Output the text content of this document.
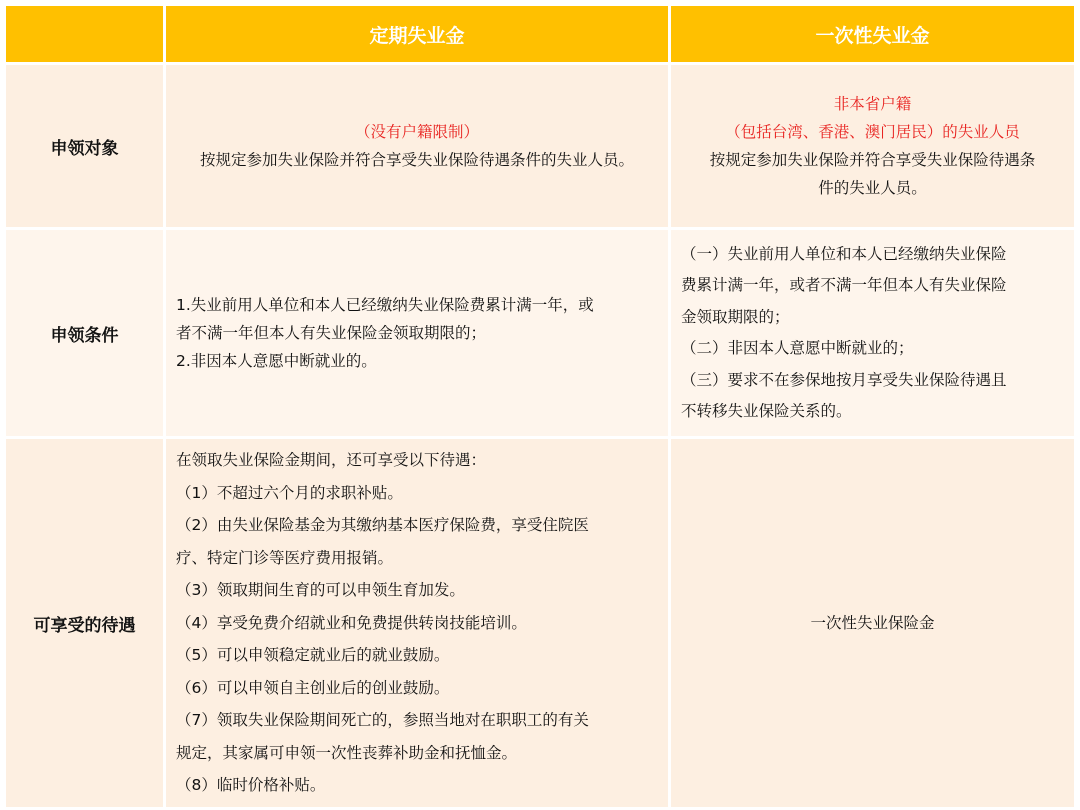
定期失业金	一次性失业金
申领对象

（没有户籍限制）

按规定参加失业保险并符合享受失业保险待遇条件的失业人员。

非本省户籍

（包括台湾、香港、澳门居民）的失业人员

按规定参加失业保险并符合享受失业保险待遇条

件的失业人员。

申领条件

1.失业前用人单位和本人已经缴纳失业保险费累计满一年，或

者不满一年但本人有失业保险金领取期限的；

2.非因本人意愿中断就业的。

（一）失业前用人单位和本人已经缴纳失业保险

费累计满一年，或者不满一年但本人有失业保险

金领取期限的；

（二）非因本人意愿中断就业的；

（三）要求不在参保地按月享受失业保险待遇且

不转移失业保险关系的。

可享受的待遇

在领取失业保险金期间，还可享受以下待遇：

（1）不超过六个月的求职补贴。

（2）由失业保险基金为其缴纳基本医疗保险费，享受住院医

疗、特定门诊等医疗费用报销。

（3）领取期间生育的可以申领生育加发。

（4）享受免费介绍就业和免费提供转岗技能培训。

（5）可以申领稳定就业后的就业鼓励。

（6）可以申领自主创业后的创业鼓励。

（7）领取失业保险期间死亡的，参照当地对在职职工的有关

规定，其家属可申领一次性丧葬补助金和抚恤金。

（8）临时价格补贴。

一次性失业保险金
